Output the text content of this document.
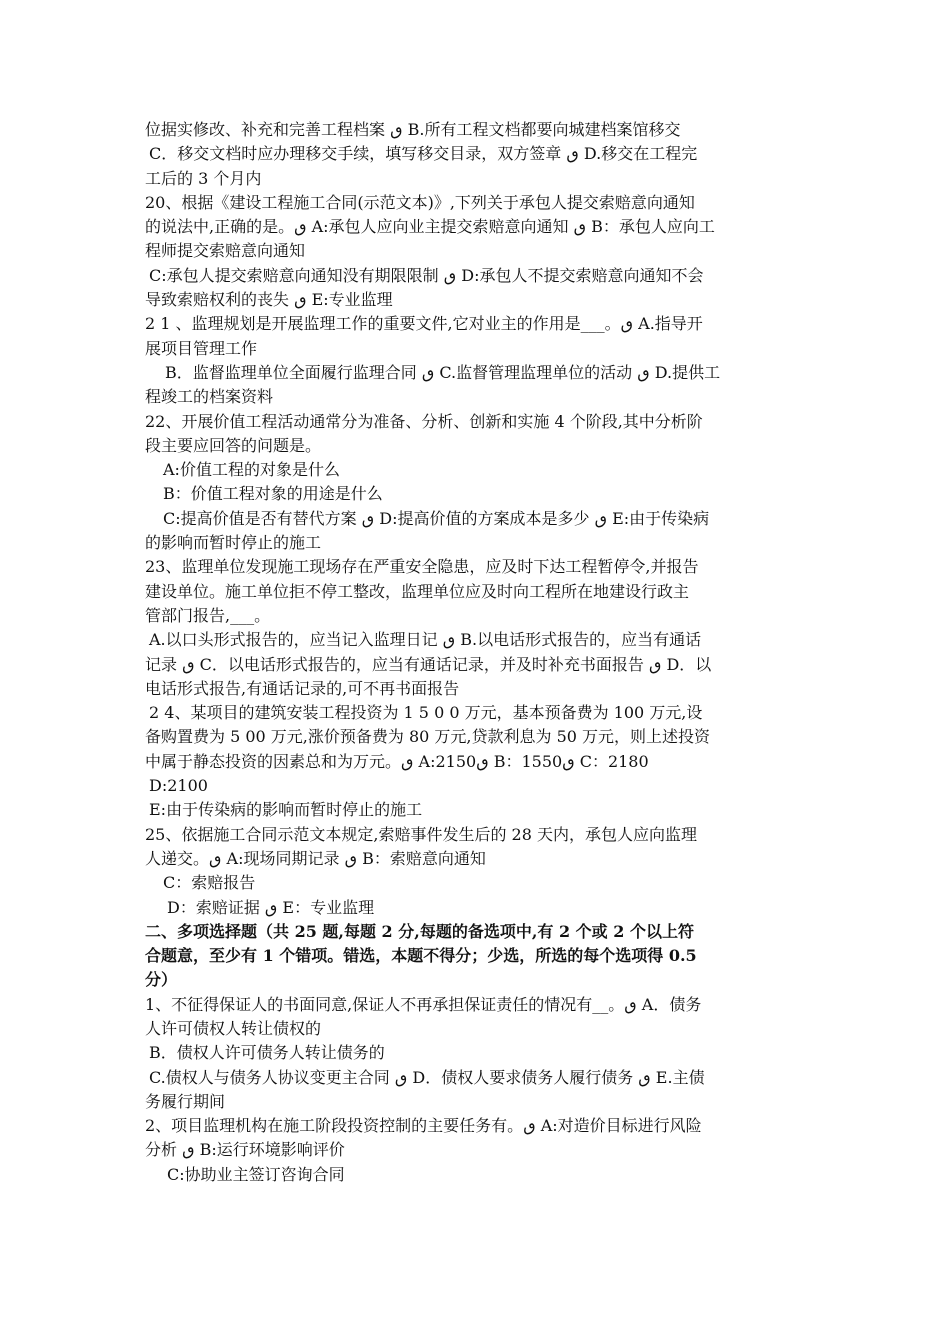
位据实修改、补充和完善工程档案 ٯ B.所有工程文档都要向城建档案馆移交
C．移交文档时应办理移交手续，填写移交目录，双方签章 ٯ D.移交在工程完
工后的 3 个月内
20、根据《建设工程施工合同(示范文本)》,下列关于承包人提交索赔意向通知
的说法中,正确的是。ٯ A:承包人应向业主提交索赔意向通知 ٯ B：承包人应向工
程师提交索赔意向通知
C:承包人提交索赔意向通知没有期限限制 ٯ D:承包人不提交索赔意向通知不会
导致索赔权利的丧失 ٯ E:专业监理
2 1 、监理规划是开展监理工作的重要文件,它对业主的作用是___。ٯ A.指导开
展项目管理工作
B．监督监理单位全面履行监理合同 ٯ C.监督管理监理单位的活动 ٯ D.提供工
程竣工的档案资料
22、开展价值工程活动通常分为准备、分析、创新和实施 4 个阶段,其中分析阶
段主要应回答的问题是。
A:价值工程的对象是什么
B：价值工程对象的用途是什么
C:提高价值是否有替代方案 ٯ D:提高价值的方案成本是多少 ٯ E:由于传染病
的影响而暂时停止的施工
23、监理单位发现施工现场存在严重安全隐患，应及时下达工程暂停令,并报告
建设单位。施工单位拒不停工整改，监理单位应及时向工程所在地建设行政主
管部门报告,___。
A.以口头形式报告的，应当记入监理日记 ٯ B.以电话形式报告的，应当有通话
记录 ٯ C．以电话形式报告的，应当有通话记录，并及时补充书面报告 ٯ D．以
电话形式报告,有通话记录的,可不再书面报告
2 4、某项目的建筑安装工程投资为 1 5 0 0 万元，基本预备费为 100 万元,设
备购置费为 5 00 万元,涨价预备费为 80 万元,贷款利息为 50 万元，则上述投资
中属于静态投资的因素总和为万元。ٯ A:2150ٯ B：1550ٯ C：2180
D:2100
E:由于传染病的影响而暂时停止的施工
25、依据施工合同示范文本规定,索赔事件发生后的 28 天内，承包人应向监理
人递交。ٯ A:现场同期记录 ٯ B：索赔意向通知
C：索赔报告
D：索赔证据 ٯ E：专业监理
二、多项选择题（共 25 题,每题 2 分,每题的备选项中,有 2 个或 2 个以上符
合题意，至少有 1 个错项。错选，本题不得分；少选，所选的每个选项得 0.5
分）
1、不征得保证人的书面同意,保证人不再承担保证责任的情况有__。ٯ A．债务
人许可债权人转让债权的
B．债权人许可债务人转让债务的
C.债权人与债务人协议变更主合同 ٯ D．债权人要求债务人履行债务 ٯ E.主债
务履行期间
2、项目监理机构在施工阶段投资控制的主要任务有。ٯ A:对造价目标进行风险
分析 ٯ B:运行环境影响评价
C:协助业主签订咨询合同
